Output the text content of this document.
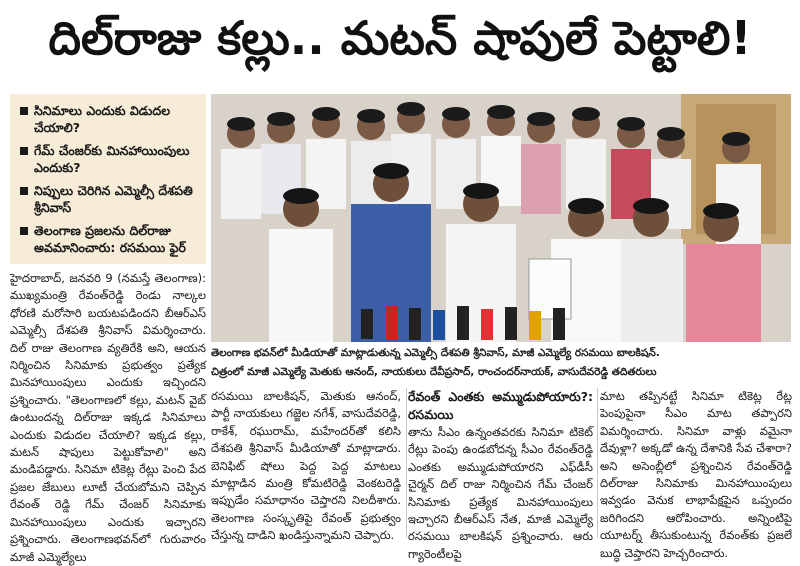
దిల్‌రాజు కల్లు.. మటన్ షాపులే పెట్టాలి!
సినిమాలు ఎందుకు విడుదల చేయాలి?
గేమ్ చేంజర్‌కు మినహాయింపులు ఎందుకు?
నిప్పులు చెరిగిన ఎమ్మెల్సీ దేశపతి శ్రీనివాస్
తెలంగాణ ప్రజలను దిల్‌రాజు అవమానించారు: రసమయి ఫైర్
తెలంగాణ భవన్‌లో మీడియాతో మాట్లాడుతున్న ఎమ్మెల్సీ దేశపతి శ్రీనివాస్, మాజీ ఎమ్మెల్యే రసమయి బాలకిషన్.
చిత్రంలో మాజీ ఎమ్మెల్యే మెతుకు ఆనంద్, నాయకులు దేవీప్రసాద్, రాంచందర్‌నాయక్, వాసుదేవరెడ్డి తదితరులు
హైదరాబాద్, జనవరి 9 (నమస్తే తెలంగాణ): ముఖ్యమంత్రి రేవంత్‌రెడ్డి రెండు నాల్కల ధోరణి మరోసారి బయటపడిందని బీఆర్‌ఎస్ ఎమ్మెల్సీ దేశపతి శ్రీనివాస్ విమర్శించారు. దిల్ రాజు తెలంగాణ వ్యతిరేకి అని, ఆయన నిర్మించిన సినిమాకు ప్రభుత్వం ప్రత్యేక మినహాయింపులు ఎందుకు ఇచ్చిందని ప్రశ్నించారు. "తెలంగాణలో కల్లు, మటన్ వైబ్ ఉంటుందన్న దిల్‌రాజు ఇక్కడ సినిమాలు ఎందుకు విడుదల చేయాలి? ఇక్కడ కల్లు, మటన్ షాపులు పెట్టుకోవాలి" అని మండిపడ్డారు. సినిమా టికెట్ల రేట్లు పెంచి పేద ప్రజల జేబులు లూటీ చేయబోమని చెప్పిన రేవంత్ రెడ్డి గేమ్ చేంజర్ సినిమాకు మినహాయింపులు ఎందుకు ఇచ్చారని ప్రశ్నించారు. తెలంగాణభవన్‌లో గురువారం మాజీ ఎమ్మెల్యేలు
రసమయి బాలకిషన్, మెతుకు ఆనంద్, పార్టీ నాయకులు గజ్జెల నగేశ్, వాసుదేవరెడ్డి, రాకేశ్, రఘురామ్, మహేందర్‌తో కలిసి దేశపతి శ్రీనివాస్ మీడియాతో మాట్లాడారు. బెనిఫిట్ షోలు పెద్ద పెద్ద మాటలు మాట్లాడిన మంత్రి కోమటిరెడ్డి వెంకటరెడ్డి ఇప్పుడేం సమాధానం చెప్తారని నిలదీశారు. తెలంగాణ సంస్కృతిపై రేవంత్ ప్రభుత్వం చేస్తున్న దాడిని ఖండిస్తున్నామని చెప్పారు.
రేవంత్ ఎంతకు అమ్ముడుపోయారు?: రసమయి
తాను సీఎం ఉన్నంతవరకు సినిమా టికెట్ రేట్లు పెంపు ఉండబోదన్న సీఎం రేవంత్‌రెడ్డి ఎంతకు అమ్ముడుపోయారని ఎఫ్‌డీసీ చైర్మన్ దిల్ రాజు నిర్మించిన గేమ్ చేంజర్ సినిమాకు ప్రత్యేక మినహాయింపులు ఇచ్చారని బీఆర్‌ఎస్ నేత, మాజీ ఎమ్మెల్యే రసమయి బాలకిషన్ ప్రశ్నించారు. ఆరు గ్యారెంటీలపై
మాట తప్పినట్టే సినిమా టికెట్ల రేట్ల పెంపుపైనా సీఎం మాట తప్పారని విమర్శించారు. సినిమా వాళ్లు వమైనా దేవుళ్లా? అక్కడో ఉన్న దేశానికి సేవ చేశారా? అని అసెంబ్లీలో ప్రశ్నించిన రేవంత్‌రెడ్డి దిల్‌రాజు సినిమాకు మినహాయింపులు ఇవ్వడం వెనుక లాభాపేక్షపైన ఒప్పందం జరిగిందని ఆరోపించారు. అన్నింటిపై యూటర్న్ తీసుకుంటున్న రేవంత్‌కు ప్రజలే బుద్ధి చెప్తారని హెచ్చరించారు.
